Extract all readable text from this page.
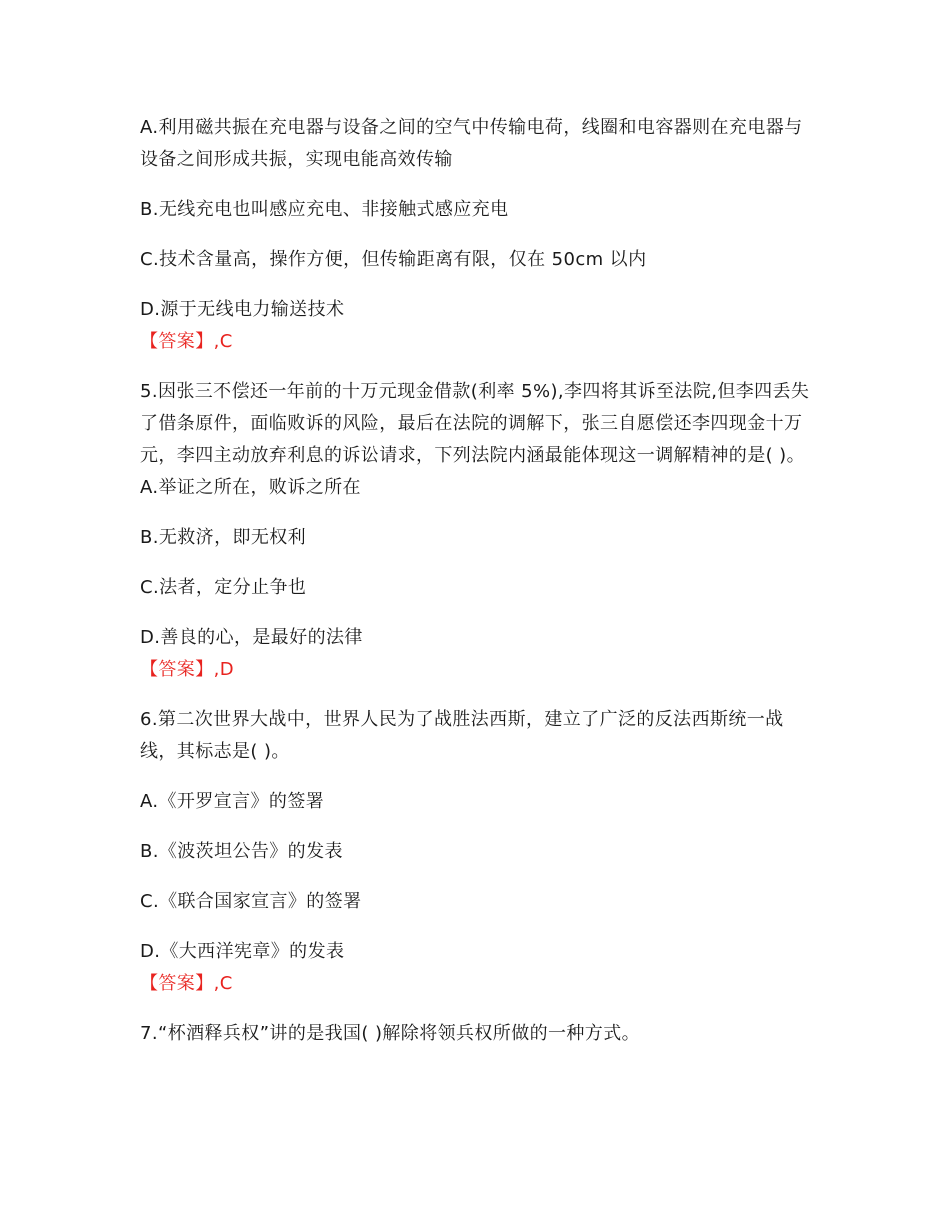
A.利用磁共振在充电器与设备之间的空气中传输电荷，线圈和电容器则在充电器与设备之间形成共振，实现电能高效传输

B.无线充电也叫感应充电、非接触式感应充电

C.技术含量高，操作方便，但传输距离有限，仅在 50cm 以内

D.源于无线电力输送技术

【答案】,C

5.因张三不偿还一年前的十万元现金借款(利率 5%),李四将其诉至法院,但李四丢失了借条原件，面临败诉的风险，最后在法院的调解下，张三自愿偿还李四现金十万元，李四主动放弃利息的诉讼请求，下列法院内涵最能体现这一调解精神的是( )。 A.举证之所在，败诉之所在

B.无救济，即无权利

C.法者，定分止争也

D.善良的心，是最好的法律

【答案】,D

6.第二次世界大战中，世界人民为了战胜法西斯，建立了广泛的反法西斯统一战线，其标志是( )。

A.《开罗宣言》的签署

B.《波茨坦公告》的发表

C.《联合国家宣言》的签署

D.《大西洋宪章》的发表

【答案】,C

7.“杯酒释兵权”讲的是我国( )解除将领兵权所做的一种方式。
